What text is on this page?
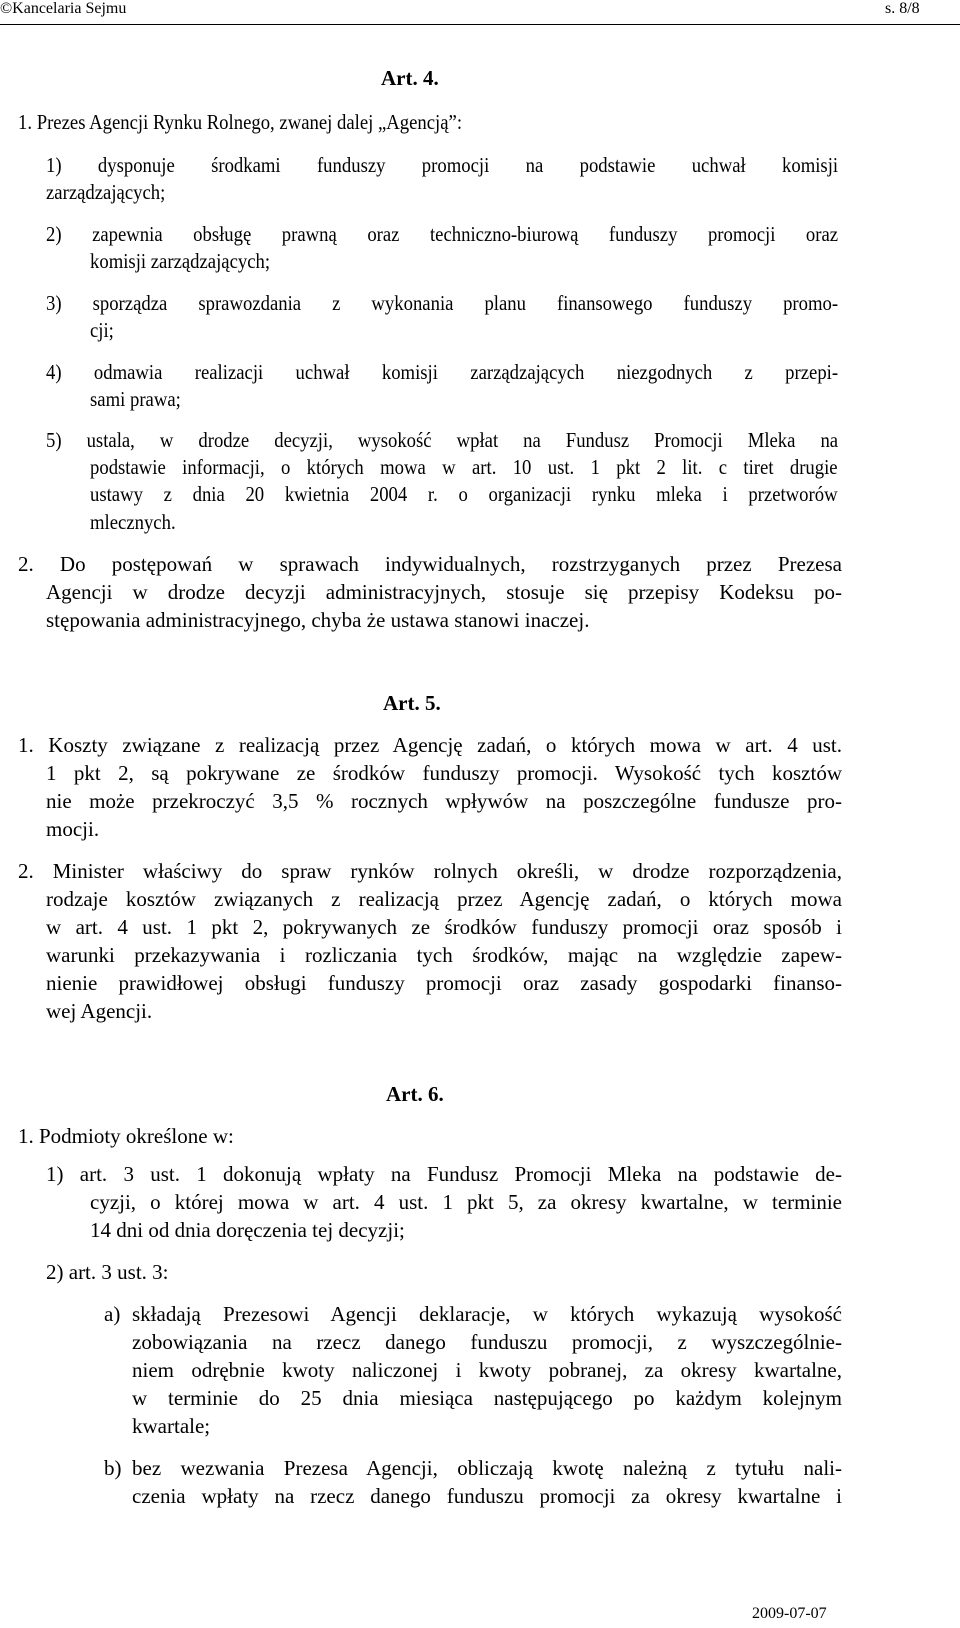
©Kancelaria Sejmu	s. 8/8
Art. 4.
1. Prezes Agencji Rynku Rolnego, zwanej dalej „Agencją”:
1) dysponuje środkami funduszy promocji na podstawie uchwał komisji
zarządzających;
2) zapewnia obsługę prawną oraz techniczno-biurową funduszy promocji oraz
komisji zarządzających;
3) sporządza sprawozdania z wykonania planu finansowego funduszy promo-
cji;
4) odmawia realizacji uchwał komisji zarządzających niezgodnych z przepi-
sami prawa;
5) ustala, w drodze decyzji, wysokość wpłat na Fundusz Promocji Mleka na
podstawie informacji, o których mowa w art. 10 ust. 1 pkt 2 lit. c tiret drugie
ustawy z dnia 20 kwietnia 2004 r. o organizacji rynku mleka i przetworów
mlecznych.
2. Do postępowań w sprawach indywidualnych, rozstrzyganych przez Prezesa
Agencji w drodze decyzji administracyjnych, stosuje się przepisy Kodeksu po-
stępowania administracyjnego, chyba że ustawa stanowi inaczej.
Art. 5.
1. Koszty związane z realizacją przez Agencję zadań, o których mowa w art. 4 ust.
1 pkt 2, są pokrywane ze środków funduszy promocji. Wysokość tych kosztów
nie może przekroczyć 3,5 % rocznych wpływów na poszczególne fundusze pro-
mocji.
2. Minister właściwy do spraw rynków rolnych określi, w drodze rozporządzenia,
rodzaje kosztów związanych z realizacją przez Agencję zadań, o których mowa
w art. 4 ust. 1 pkt 2, pokrywanych ze środków funduszy promocji oraz sposób i
warunki przekazywania i rozliczania tych środków, mając na względzie zapew-
nienie prawidłowej obsługi funduszy promocji oraz zasady gospodarki finanso-
wej Agencji.
Art. 6.
1. Podmioty określone w:
1) art. 3 ust. 1 dokonują wpłaty na Fundusz Promocji Mleka na podstawie de-
cyzji, o której mowa w art. 4 ust. 1 pkt 5, za okresy kwartalne, w terminie
14 dni od dnia doręczenia tej decyzji;
2) art. 3 ust. 3:
a) składają Prezesowi Agencji deklaracje, w których wykazują wysokość
zobowiązania na rzecz danego funduszu promocji, z wyszczególnie-
niem odrębnie kwoty naliczonej i kwoty pobranej, za okresy kwartalne,
w terminie do 25 dnia miesiąca następującego po każdym kolejnym
kwartale;
b) bez wezwania Prezesa Agencji, obliczają kwotę należną z tytułu nali-
czenia wpłaty na rzecz danego funduszu promocji za okresy kwartalne i
2009-07-07
